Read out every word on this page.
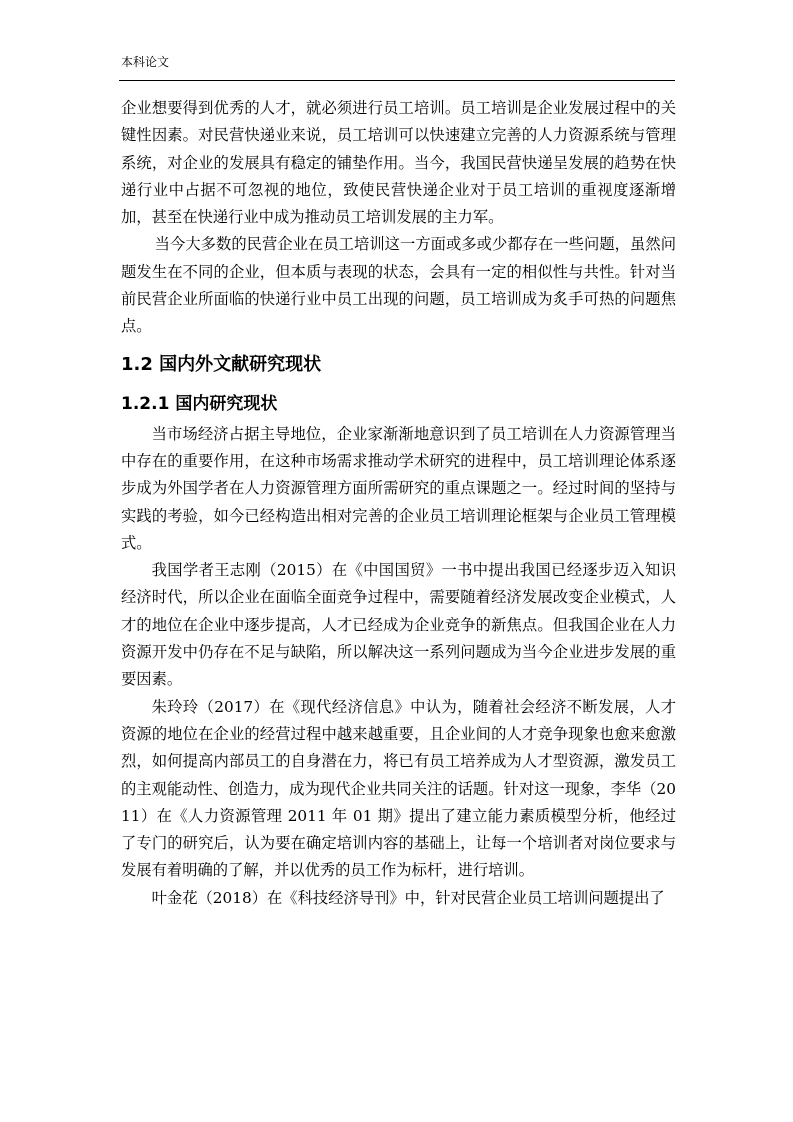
本科论文

企业想要得到优秀的人才，就必须进行员工培训。员工培训是企业发展过程中的关键性因素。对民营快递业来说，员工培训可以快速建立完善的人力资源系统与管理系统，对企业的发展具有稳定的铺垫作用。当今，我国民营快递呈发展的趋势在快递行业中占据不可忽视的地位，致使民营快递企业对于员工培训的重视度逐渐增加，甚至在快递行业中成为推动员工培训发展的主力军。

当今大多数的民营企业在员工培训这一方面或多或少都存在一些问题，虽然问题发生在不同的企业，但本质与表现的状态，会具有一定的相似性与共性。针对当前民营企业所面临的快递行业中员工出现的问题，员工培训成为炙手可热的问题焦点。

1.2 国内外文献研究现状
1.2.1 国内研究现状

当市场经济占据主导地位，企业家渐渐地意识到了员工培训在人力资源管理当中存在的重要作用，在这种市场需求推动学术研究的进程中，员工培训理论体系逐步成为外国学者在人力资源管理方面所需研究的重点课题之一。经过时间的坚持与实践的考验，如今已经构造出相对完善的企业员工培训理论框架与企业员工管理模式。

我国学者王志刚（2015）在《中国国贸》一书中提出我国已经逐步迈入知识经济时代，所以企业在面临全面竞争过程中，需要随着经济发展改变企业模式，人才的地位在企业中逐步提高，人才已经成为企业竞争的新焦点。但我国企业在人力资源开发中仍存在不足与缺陷，所以解决这一系列问题成为当今企业进步发展的重要因素。

朱玲玲（2017）在《现代经济信息》中认为，随着社会经济不断发展，人才资源的地位在企业的经营过程中越来越重要，且企业间的人才竞争现象也愈来愈激烈，如何提高内部员工的自身潜在力，将已有员工培养成为人才型资源，激发员工的主观能动性、创造力，成为现代企业共同关注的话题。针对这一现象，李华（2011）在《人力资源管理 2011 年 01 期》提出了建立能力素质模型分析，他经过了专门的研究后，认为要在确定培训内容的基础上，让每一个培训者对岗位要求与发展有着明确的了解，并以优秀的员工作为标杆，进行培训。

叶金花（2018）在《科技经济导刊》中，针对民营企业员工培训问题提出了
